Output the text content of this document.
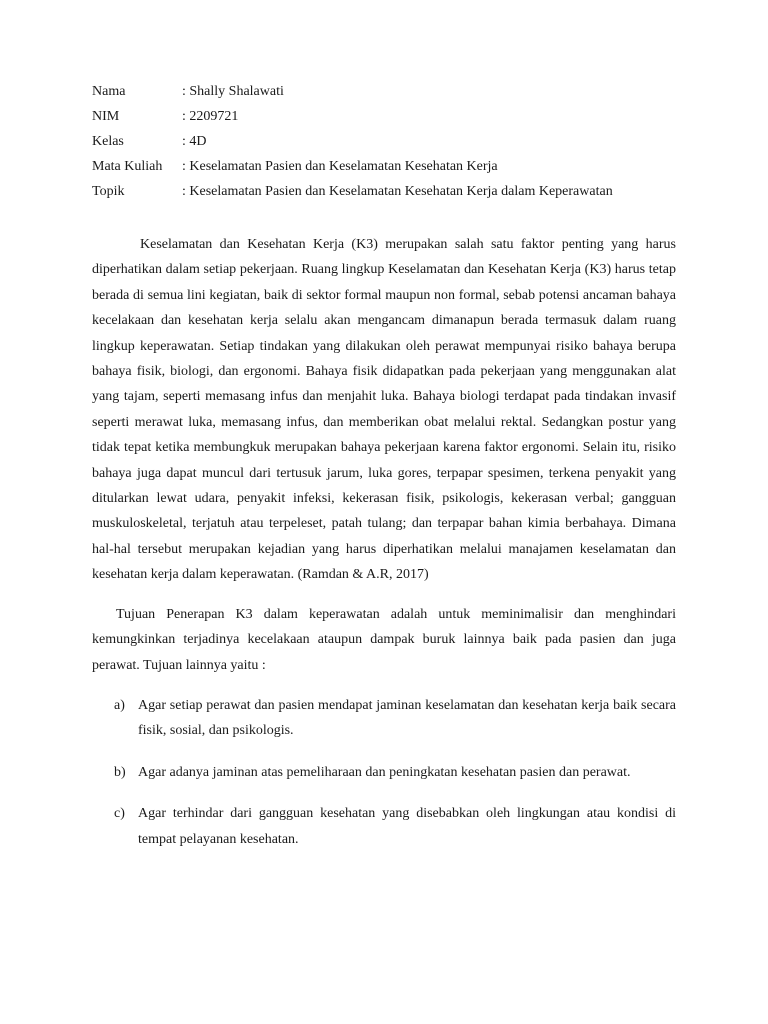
Nama	: Shally Shalawati
NIM	: 2209721
Kelas	: 4D
Mata Kuliah	: Keselamatan Pasien dan Keselamatan Kesehatan Kerja
Topik	: Keselamatan Pasien dan Keselamatan Kesehatan Kerja dalam Keperawatan

Keselamatan dan Kesehatan Kerja (K3) merupakan salah satu faktor penting yang harus diperhatikan dalam setiap pekerjaan. Ruang lingkup Keselamatan dan Kesehatan Kerja (K3) harus tetap berada di semua lini kegiatan, baik di sektor formal maupun non formal, sebab potensi ancaman bahaya kecelakaan dan kesehatan kerja selalu akan mengancam dimanapun berada termasuk dalam ruang lingkup keperawatan. Setiap tindakan yang dilakukan oleh perawat mempunyai risiko bahaya berupa bahaya fisik, biologi, dan ergonomi. Bahaya fisik didapatkan pada pekerjaan yang menggunakan alat yang tajam, seperti memasang infus dan menjahit luka. Bahaya biologi terdapat pada tindakan invasif seperti merawat luka, memasang infus, dan memberikan obat melalui rektal. Sedangkan postur yang tidak tepat ketika membungkuk merupakan bahaya pekerjaan karena faktor ergonomi. Selain itu, risiko bahaya juga dapat muncul dari tertusuk jarum, luka gores, terpapar spesimen, terkena penyakit yang ditularkan lewat udara, penyakit infeksi, kekerasan fisik, psikologis, kekerasan verbal; gangguan muskuloskeletal, terjatuh atau terpeleset, patah tulang; dan terpapar bahan kimia berbahaya. Dimana hal-hal tersebut merupakan kejadian yang harus diperhatikan melalui manajamen keselamatan dan kesehatan kerja dalam keperawatan. (Ramdan & A.R, 2017)

Tujuan Penerapan K3 dalam keperawatan adalah untuk meminimalisir dan menghindari kemungkinkan terjadinya kecelakaan ataupun dampak buruk lainnya baik pada pasien dan juga perawat. Tujuan lainnya yaitu :

a) Agar setiap perawat dan pasien mendapat jaminan keselamatan dan kesehatan kerja baik secara fisik, sosial, dan psikologis.
b) Agar adanya jaminan atas pemeliharaan dan peningkatan kesehatan pasien dan perawat.
c) Agar terhindar dari gangguan kesehatan yang disebabkan oleh lingkungan atau kondisi di tempat pelayanan kesehatan.
